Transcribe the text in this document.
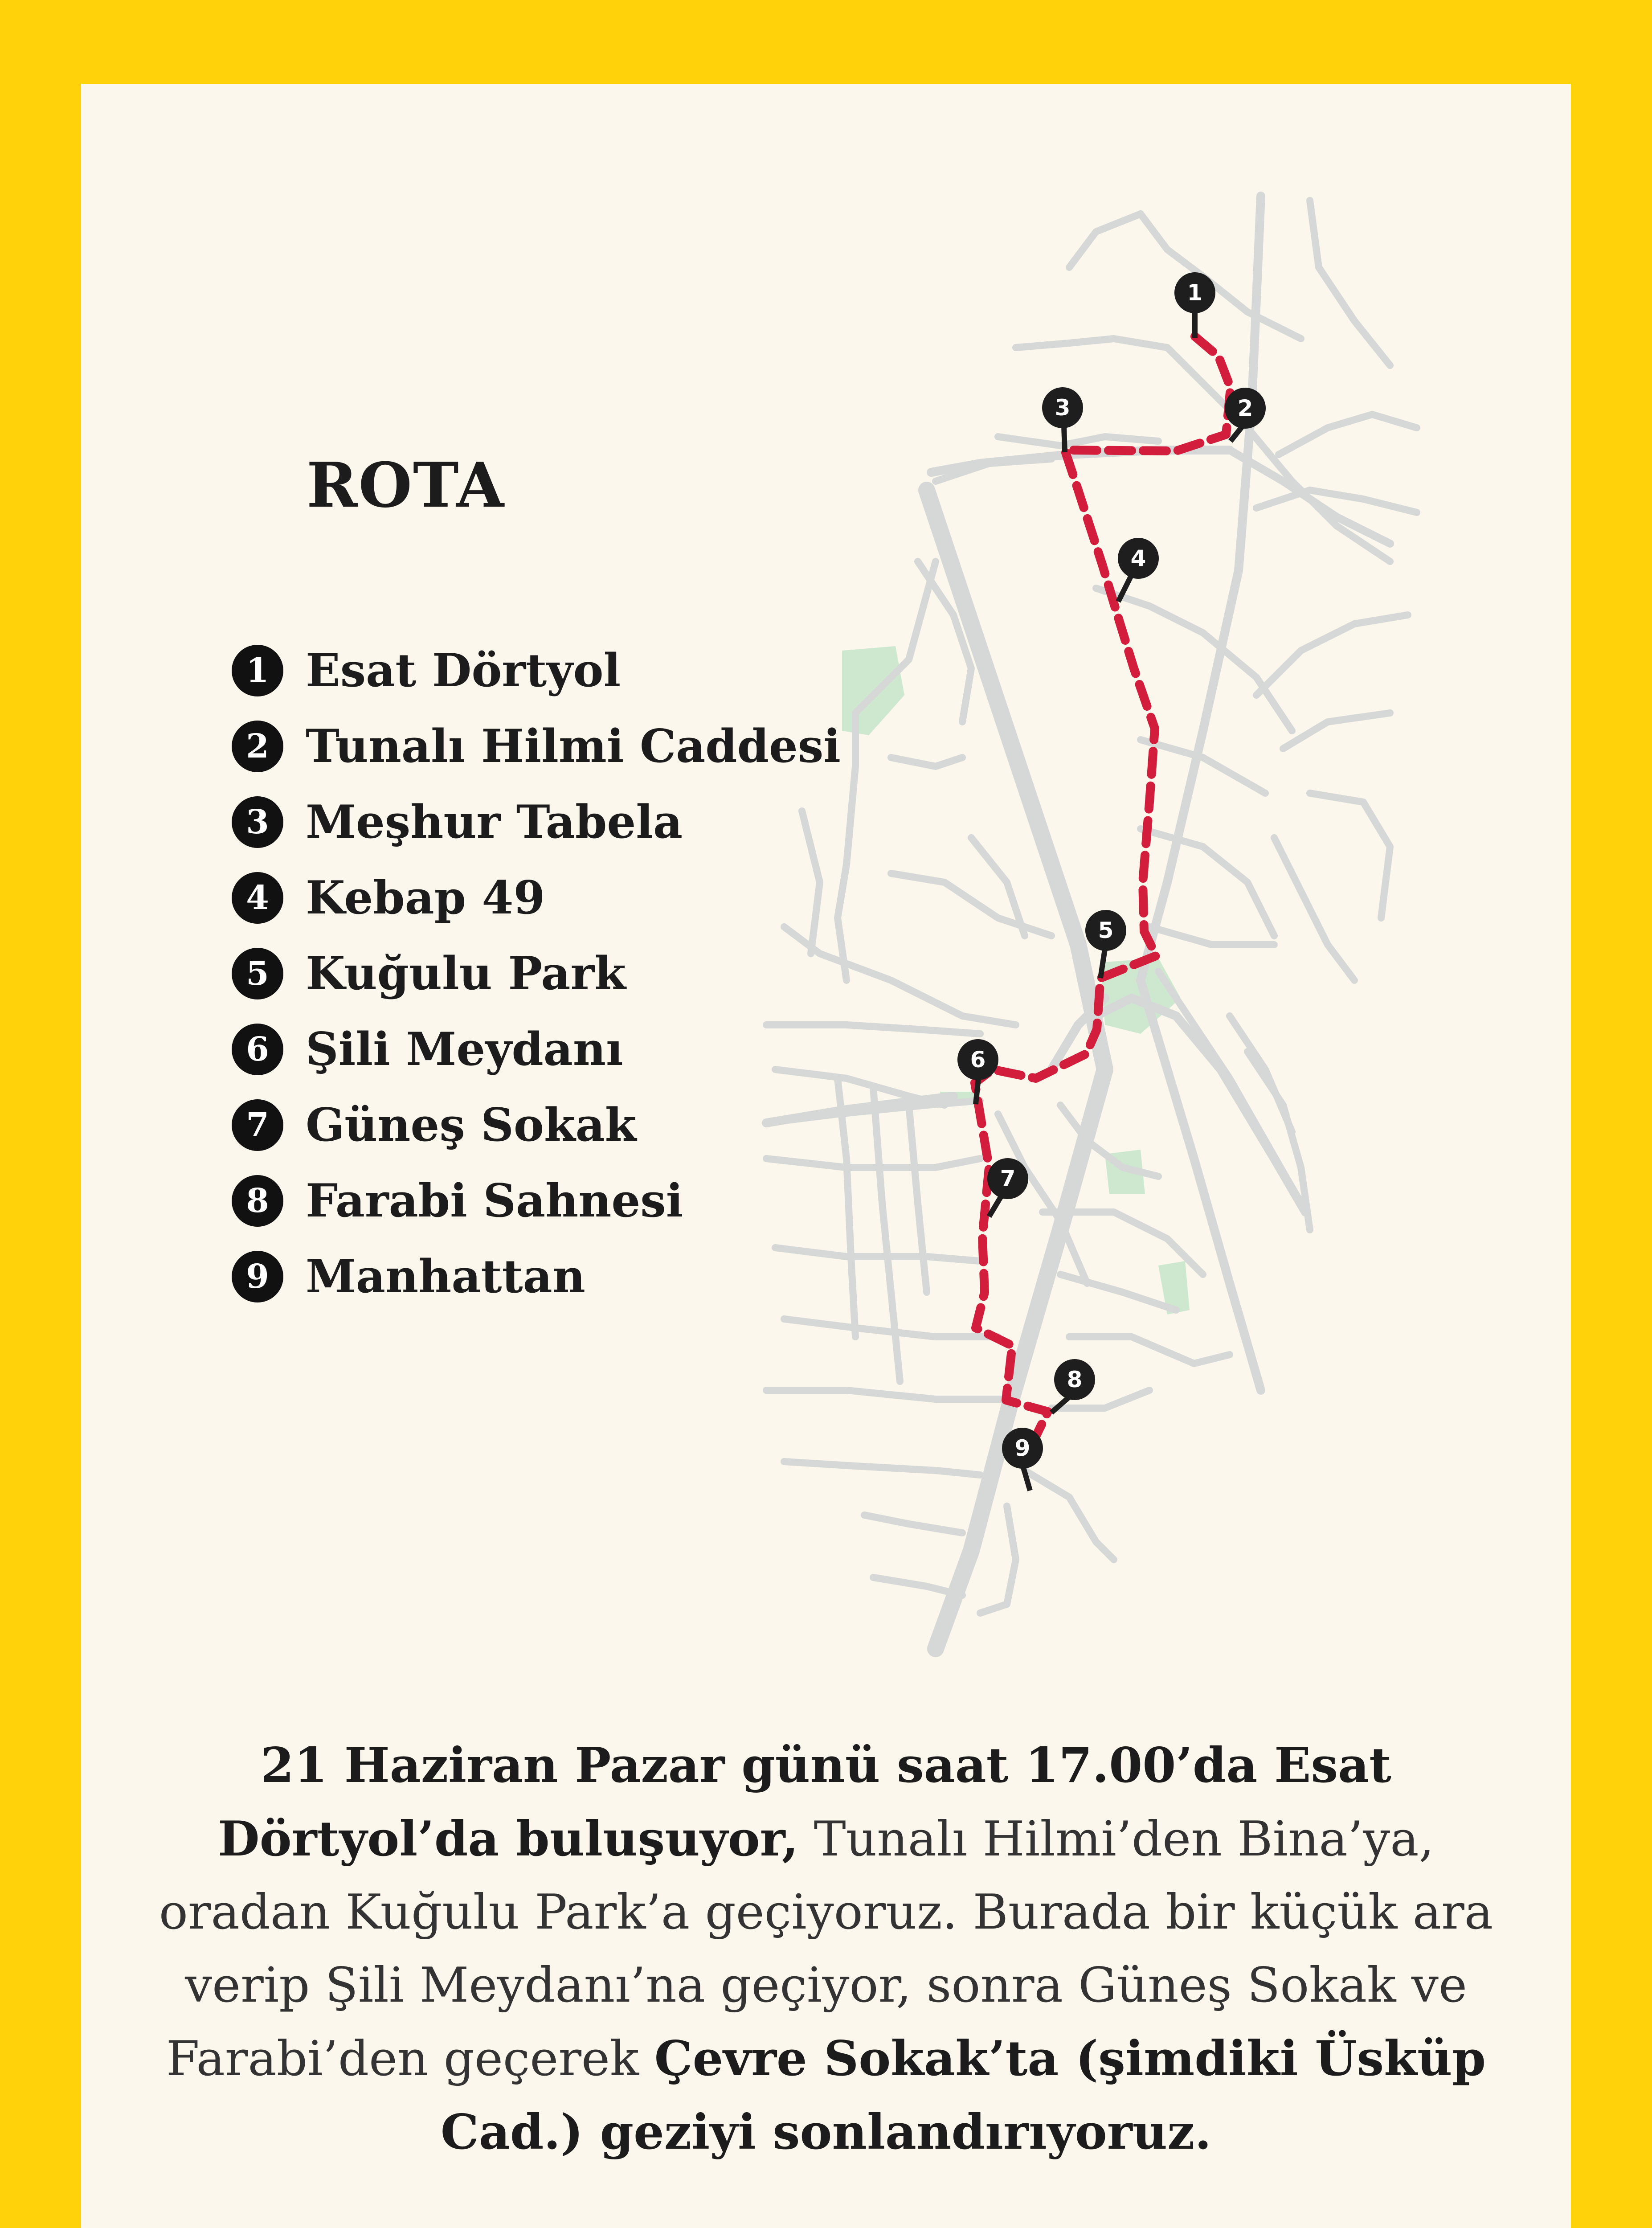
1
2
3
4
5
6
7
8
9
ROTA
1 Esat Dörtyol
2 Tunalı Hilmi Caddesi
3 Meşhur Tabela
4 Kebap 49
5 Kuğulu Park
6 Şili Meydanı
7 Güneş Sokak
8 Farabi Sahnesi
9 Manhattan

21 Haziran Pazar günü saat 17.00’da Esat Dörtyol’da buluşuyor, Tunalı Hilmi’den Bina’ya, oradan Kuğulu Park’a geçiyoruz. Burada bir küçük ara verip Şili Meydanı’na geçiyor, sonra Güneş Sokak ve Farabi’den geçerek Çevre Sokak’ta (şimdiki Üsküp Cad.) geziyi sonlandırıyoruz.
